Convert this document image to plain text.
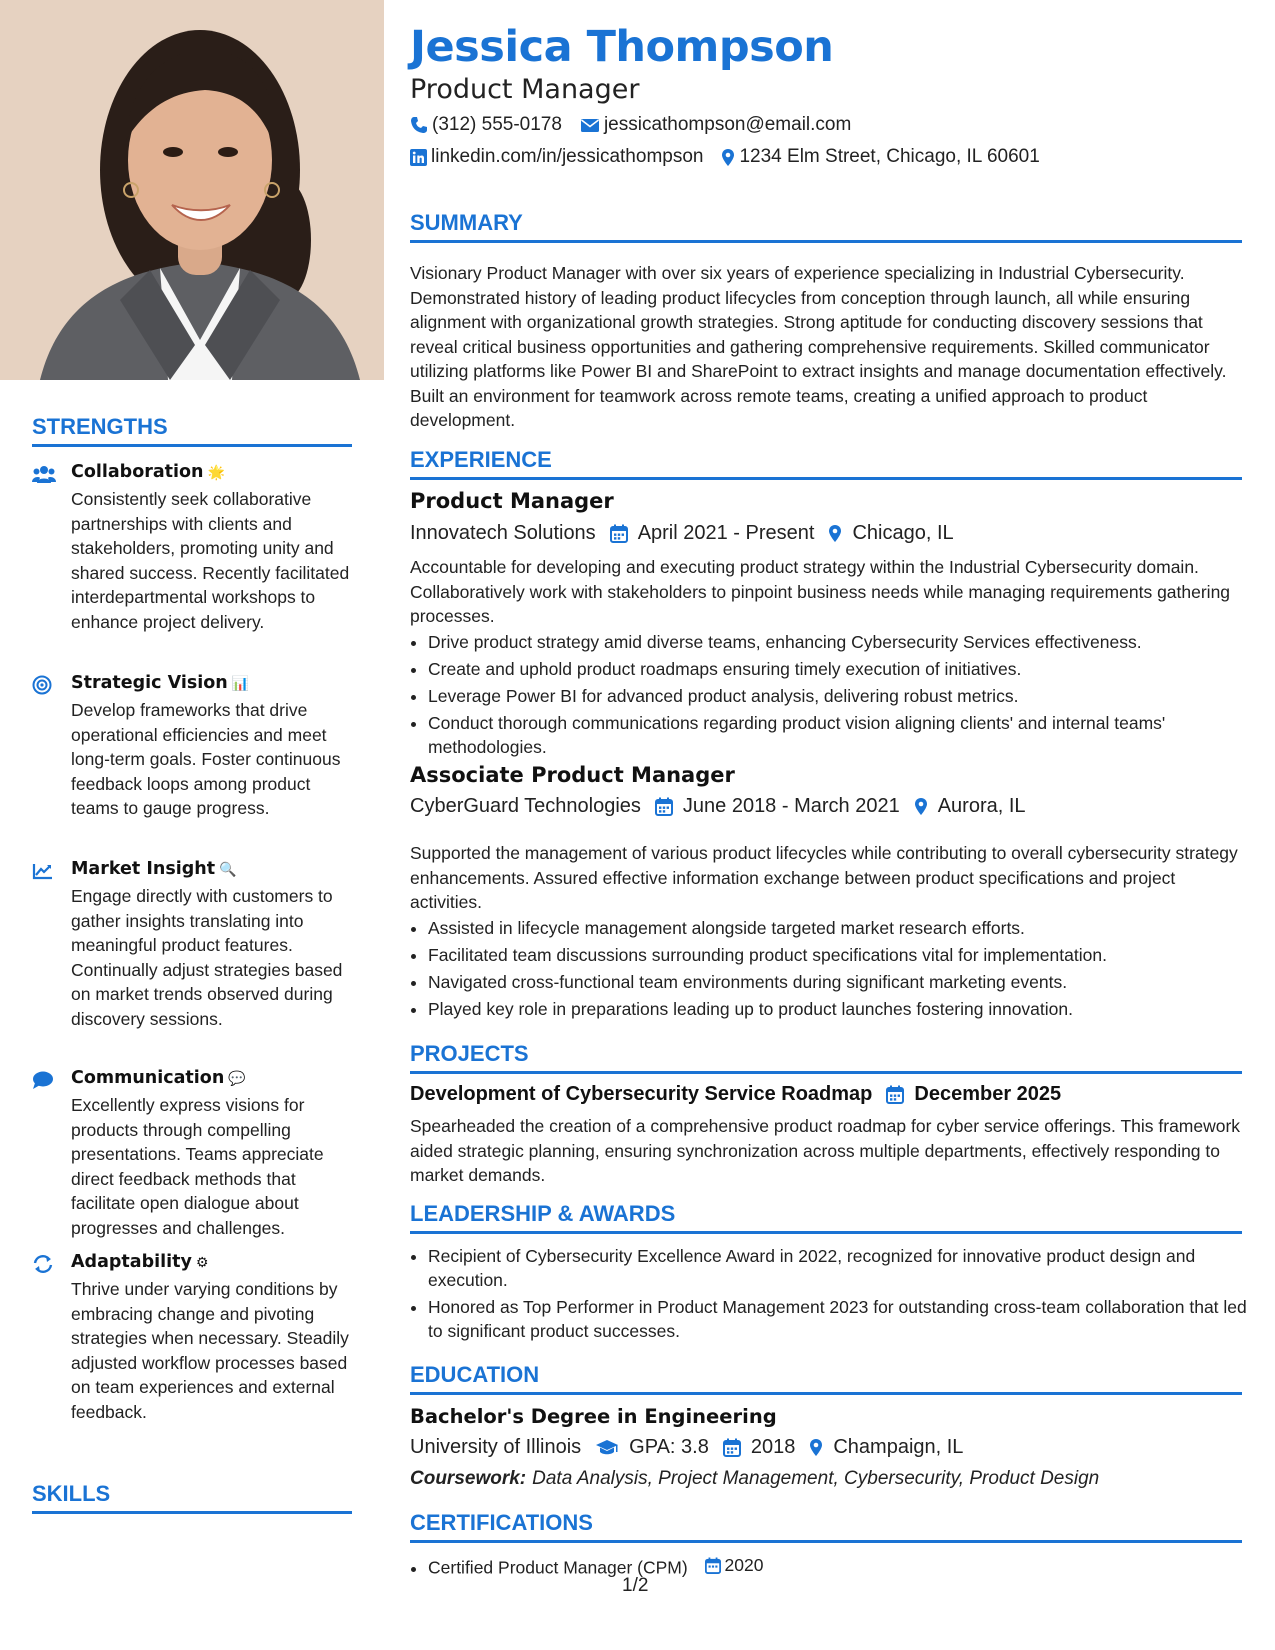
STRENGTHS
Collaboration 🌟
Consistently seek collaborative partnerships with clients and stakeholders, promoting unity and shared success. Recently facilitated interdepartmental workshops to enhance project delivery.
Strategic Vision 📊
Develop frameworks that drive operational efficiencies and meet long-term goals. Foster continuous feedback loops among product teams to gauge progress.
Market Insight 🔍
Engage directly with customers to gather insights translating into meaningful product features. Continually adjust strategies based on market trends observed during discovery sessions.
Communication 💬
Excellently express visions for products through compelling presentations. Teams appreciate direct feedback methods that facilitate open dialogue about progresses and challenges.
Adaptability ⚙
Thrive under varying conditions by embracing change and pivoting strategies when necessary. Steadily adjusted workflow processes based on team experiences and external feedback.
SKILLS
Jessica Thompson
Product Manager
(312) 555-0178 jessicathompson@email.com
linkedin.com/in/jessicathompson 1234 Elm Street, Chicago, IL 60601
SUMMARY
Visionary Product Manager with over six years of experience specializing in Industrial Cybersecurity. Demonstrated history of leading product lifecycles from conception through launch, all while ensuring alignment with organizational growth strategies. Strong aptitude for conducting discovery sessions that reveal critical business opportunities and gathering comprehensive requirements. Skilled communicator utilizing platforms like Power BI and SharePoint to extract insights and manage documentation effectively. Built an environment for teamwork across remote teams, creating a unified approach to product development.
EXPERIENCE
Product Manager
Innovatech Solutions April 2021 - Present Chicago, IL
Accountable for developing and executing product strategy within the Industrial Cybersecurity domain. Collaboratively work with stakeholders to pinpoint business needs while managing requirements gathering processes.
• Drive product strategy amid diverse teams, enhancing Cybersecurity Services effectiveness.
• Create and uphold product roadmaps ensuring timely execution of initiatives.
• Leverage Power BI for advanced product analysis, delivering robust metrics.
• Conduct thorough communications regarding product vision aligning clients' and internal teams' methodologies.
Associate Product Manager
CyberGuard Technologies June 2018 - March 2021 Aurora, IL
Supported the management of various product lifecycles while contributing to overall cybersecurity strategy enhancements. Assured effective information exchange between product specifications and project activities.
• Assisted in lifecycle management alongside targeted market research efforts.
• Facilitated team discussions surrounding product specifications vital for implementation.
• Navigated cross-functional team environments during significant marketing events.
• Played key role in preparations leading up to product launches fostering innovation.
PROJECTS
Development of Cybersecurity Service Roadmap December 2025
Spearheaded the creation of a comprehensive product roadmap for cyber service offerings. This framework aided strategic planning, ensuring synchronization across multiple departments, effectively responding to market demands.
LEADERSHIP & AWARDS
• Recipient of Cybersecurity Excellence Award in 2022, recognized for innovative product design and execution.
• Honored as Top Performer in Product Management 2023 for outstanding cross-team collaboration that led to significant product successes.
EDUCATION
Bachelor's Degree in Engineering
University of Illinois GPA: 3.8 2018 Champaign, IL
Coursework: Data Analysis, Project Management, Cybersecurity, Product Design
CERTIFICATIONS
• Certified Product Manager (CPM) 2020
1/2
